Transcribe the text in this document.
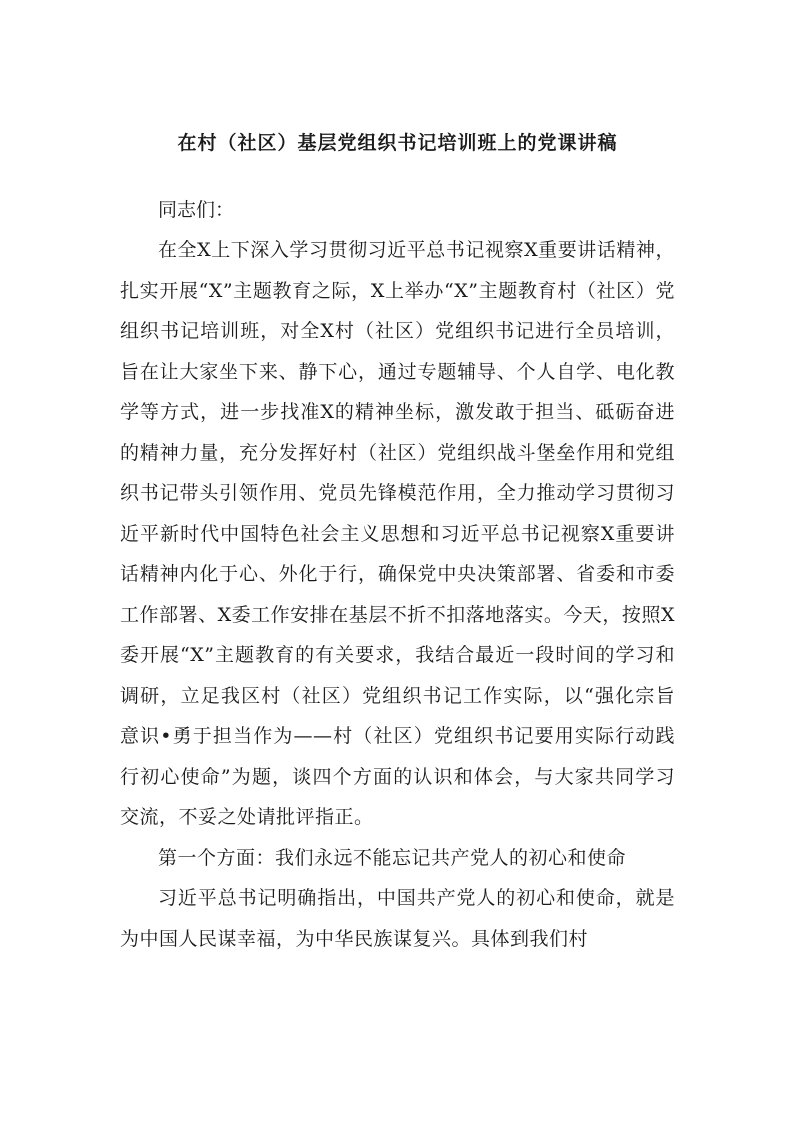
在村（社区）基层党组织书记培训班上的党课讲稿

同志们：

在全X上下深入学习贯彻习近平总书记视察X重要讲话精神，扎实开展“X”主题教育之际，X上举办“X”主题教育村（社区）党组织书记培训班，对全X村（社区）党组织书记进行全员培训，旨在让大家坐下来、静下心，通过专题辅导、个人自学、电化教学等方式，进一步找准X的精神坐标，激发敢于担当、砥砺奋进的精神力量，充分发挥好村（社区）党组织战斗堡垒作用和党组织书记带头引领作用、党员先锋模范作用，全力推动学习贯彻习近平新时代中国特色社会主义思想和习近平总书记视察X重要讲话精神内化于心、外化于行，确保党中央决策部署、省委和市委工作部署、X委工作安排在基层不折不扣落地落实。今天，按照X委开展“X”主题教育的有关要求，我结合最近一段时间的学习和调研，立足我区村（社区）党组织书记工作实际，以“强化宗旨意识•勇于担当作为——村（社区）党组织书记要用实际行动践行初心使命”为题，谈四个方面的认识和体会，与大家共同学习交流，不妥之处请批评指正。

第一个方面：我们永远不能忘记共产党人的初心和使命

习近平总书记明确指出，中国共产党人的初心和使命，就是为中国人民谋幸福，为中华民族谋复兴。具体到我们村
